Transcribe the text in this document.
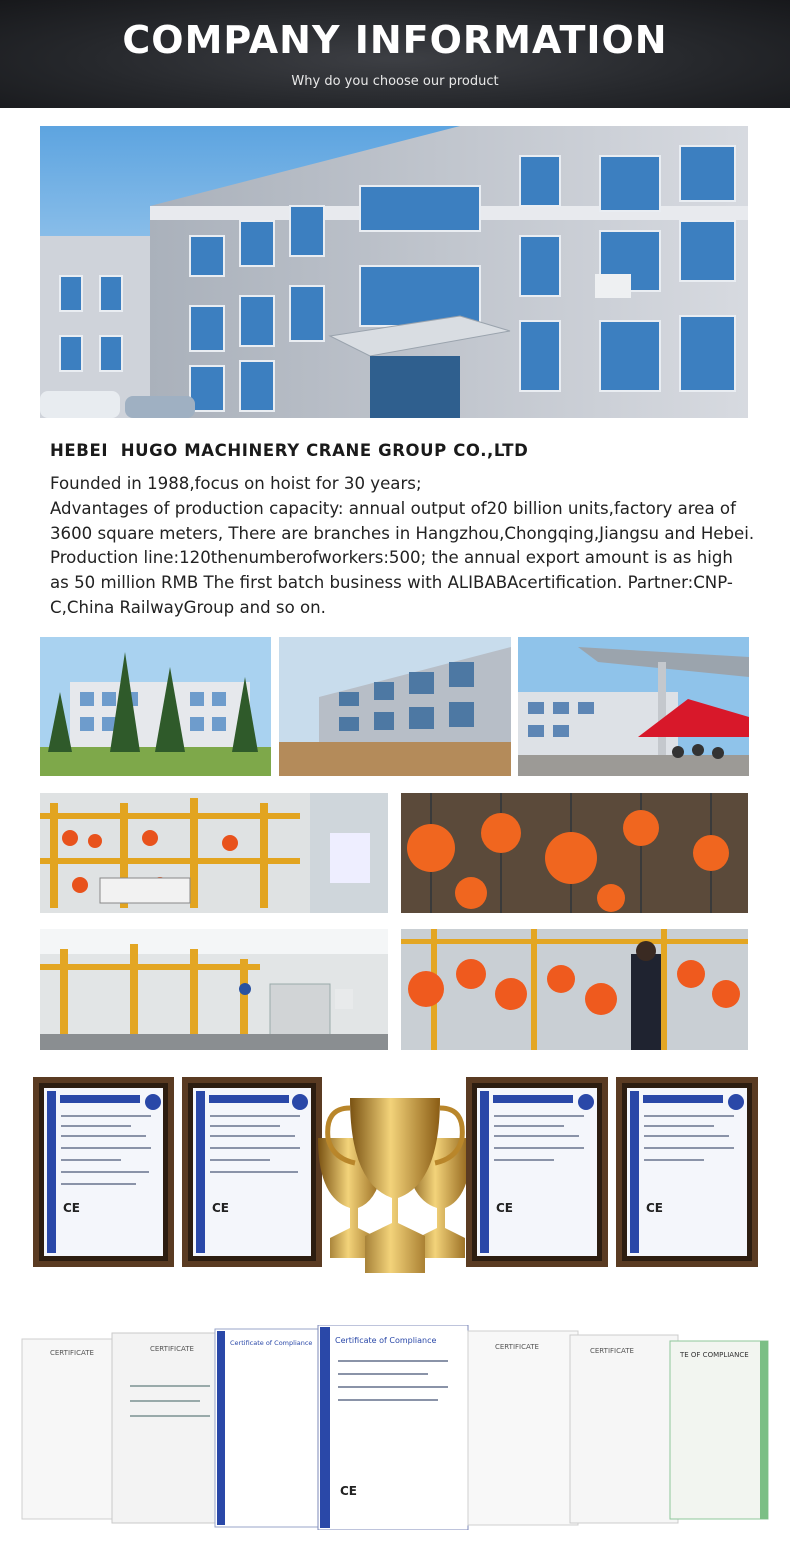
COMPANY INFORMATION

Why do you choose our product

HEBEI  HUGO MACHINERY CRANE GROUP CO.,LTD
Founded in 1988,focus on hoist for 30 years;
Advantages of production capacity: annual output of20 billion units,factory area of
3600 square meters, There are branches in Hangzhou,Chongqing,Jiangsu and Hebei.
Production line:120thenumberofworkers:500; the annual export amount is as high
as 50 million RMB The first batch business with ALIBABAcertification. Partner:CNP-
C,China RailwayGroup and so on.
CE	CE	CE	CE
CERTIFICATE	CERTIFICATE
Certificate of Compliance	Certificate of Compliance
CE
CERTIFICATE	CERTIFICATE	TE OF COMPLIANCE
